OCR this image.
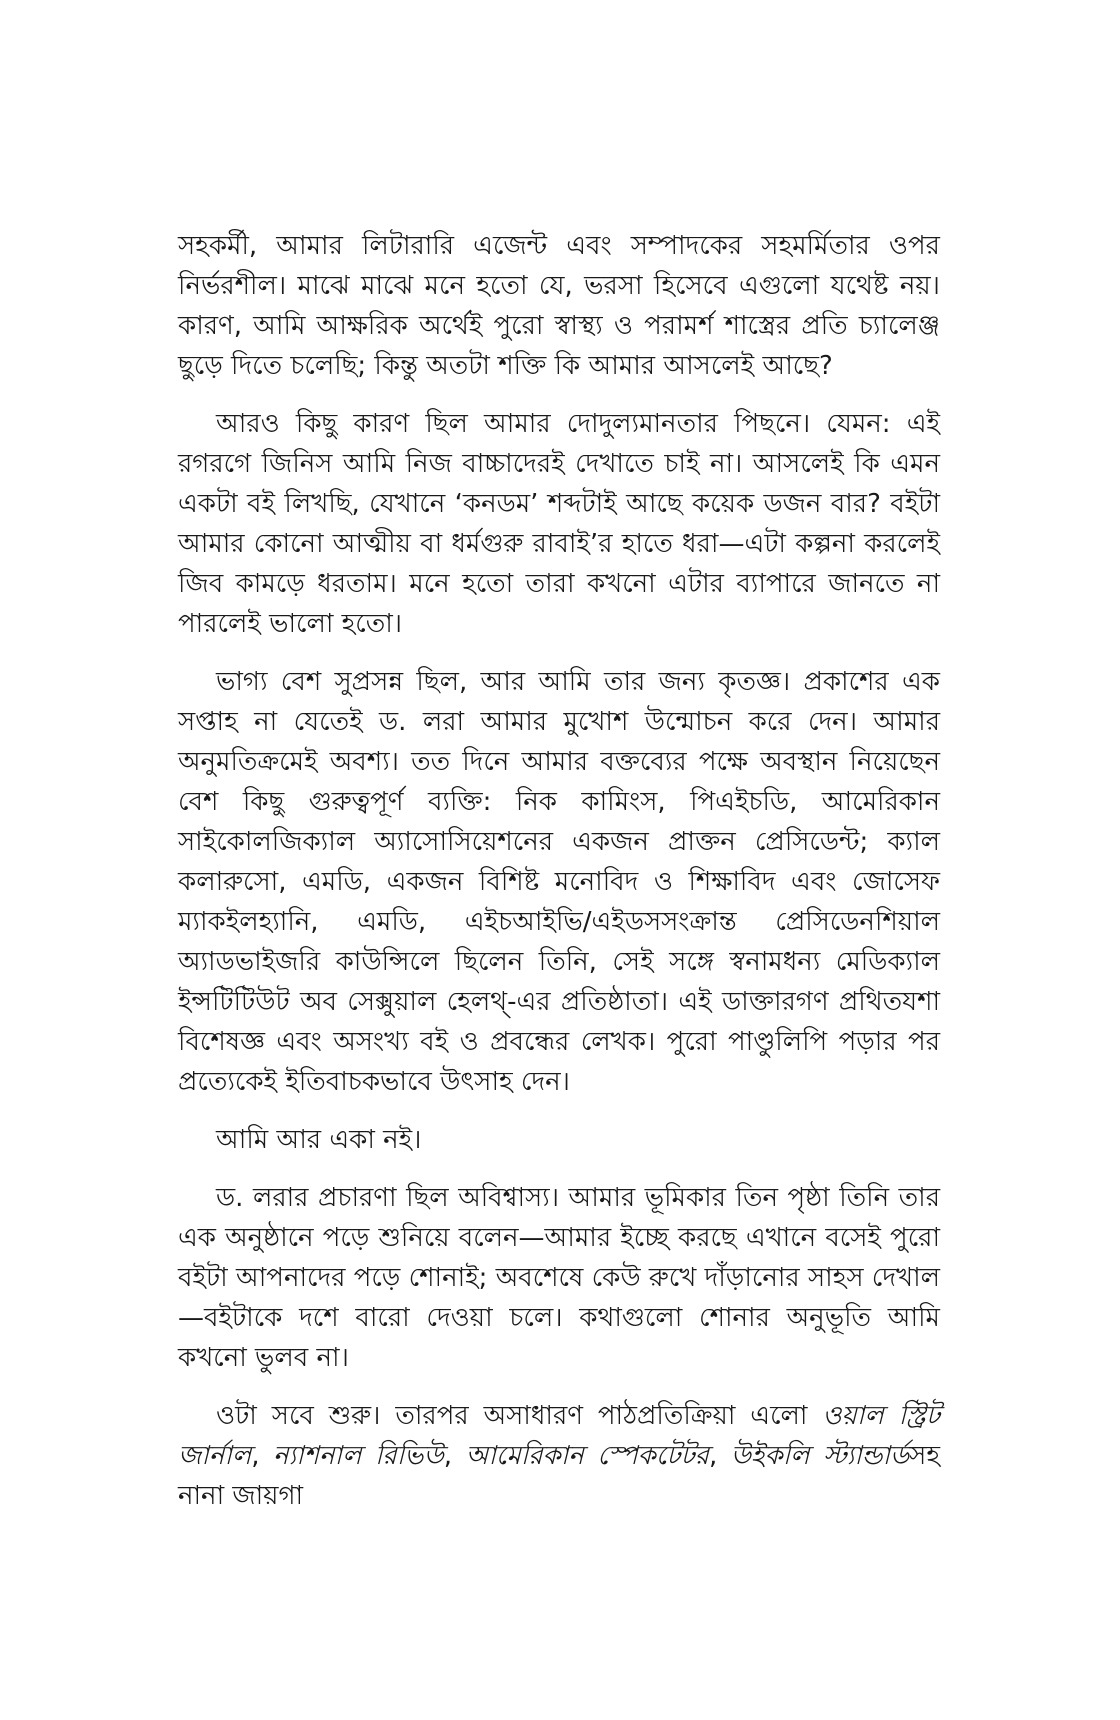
সহকর্মী, আমার লিটারারি এজেন্ট এবং সম্পাদকের সহমর্মিতার ওপর নির্ভরশীল। মাঝে মাঝে মনে হতো যে, ভরসা হিসেবে এগুলো যথেষ্ট নয়। কারণ, আমি আক্ষরিক অর্থেই পুরো স্বাস্থ্য ও পরামর্শ শাস্ত্রের প্রতি চ্যালেঞ্জ ছুড়ে দিতে চলেছি; কিন্তু অতটা শক্তি কি আমার আসলেই আছে?

আরও কিছু কারণ ছিল আমার দোদুল্যমানতার পিছনে। যেমন: এই রগরগে জিনিস আমি নিজ বাচ্চাদেরই দেখাতে চাই না। আসলেই কি এমন একটা বই লিখছি, যেখানে ‘কনডম’ শব্দটাই আছে কয়েক ডজন বার? বইটা আমার কোনো আত্মীয় বা ধর্মগুরু রাবাই’র হাতে ধরা—এটা কল্পনা করলেই জিব কামড়ে ধরতাম। মনে হতো তারা কখনো এটার ব্যাপারে জানতে না পারলেই ভালো হতো।

ভাগ্য বেশ সুপ্রসন্ন ছিল, আর আমি তার জন্য কৃতজ্ঞ। প্রকাশের এক সপ্তাহ না যেতেই ড. লরা আমার মুখোশ উন্মোচন করে দেন। আমার অনুমতিক্রমেই অবশ্য। তত দিনে আমার বক্তব্যের পক্ষে অবস্থান নিয়েছেন বেশ কিছু গুরুত্বপূর্ণ ব্যক্তি: নিক কামিংস, পিএইচডি, আমেরিকান সাইকোলজিক্যাল অ্যাসোসিয়েশনের একজন প্রাক্তন প্রেসিডেন্ট; ক্যাল কলারুসো, এমডি, একজন বিশিষ্ট মনোবিদ ও শিক্ষাবিদ এবং জোসেফ ম্যাকইলহ্যানি, এমডি, এইচআইভি/এইডসসংক্রান্ত প্রেসিডেনশিয়াল অ্যাডভাইজরি কাউন্সিলে ছিলেন তিনি, সেই সঙ্গে স্বনামধন্য মেডিক্যাল ইন্সটিটিউট অব সেক্সুয়াল হেলথ্-এর প্রতিষ্ঠাতা। এই ডাক্তারগণ প্রথিতযশা বিশেষজ্ঞ এবং অসংখ্য বই ও প্রবন্ধের লেখক। পুরো পাণ্ডুলিপি পড়ার পর প্রত্যেকেই ইতিবাচকভাবে উৎসাহ দেন।

আমি আর একা নই।

ড. লরার প্রচারণা ছিল অবিশ্বাস্য। আমার ভূমিকার তিন পৃষ্ঠা তিনি তার এক অনুষ্ঠানে পড়ে শুনিয়ে বলেন—আমার ইচ্ছে করছে এখানে বসেই পুরো বইটা আপনাদের পড়ে শোনাই; অবশেষে কেউ রুখে দাঁড়ানোর সাহস দেখাল—বইটাকে দশে বারো দেওয়া চলে। কথাগুলো শোনার অনুভূতি আমি কখনো ভুলব না।

ওটা সবে শুরু। তারপর অসাধারণ পাঠপ্রতিক্রিয়া এলো ওয়াল স্ট্রিট জার্নাল, ন্যাশনাল রিভিউ, আমেরিকান স্পেকটেটর, উইকলি স্ট্যান্ডার্ডসহ নানা জায়গা
